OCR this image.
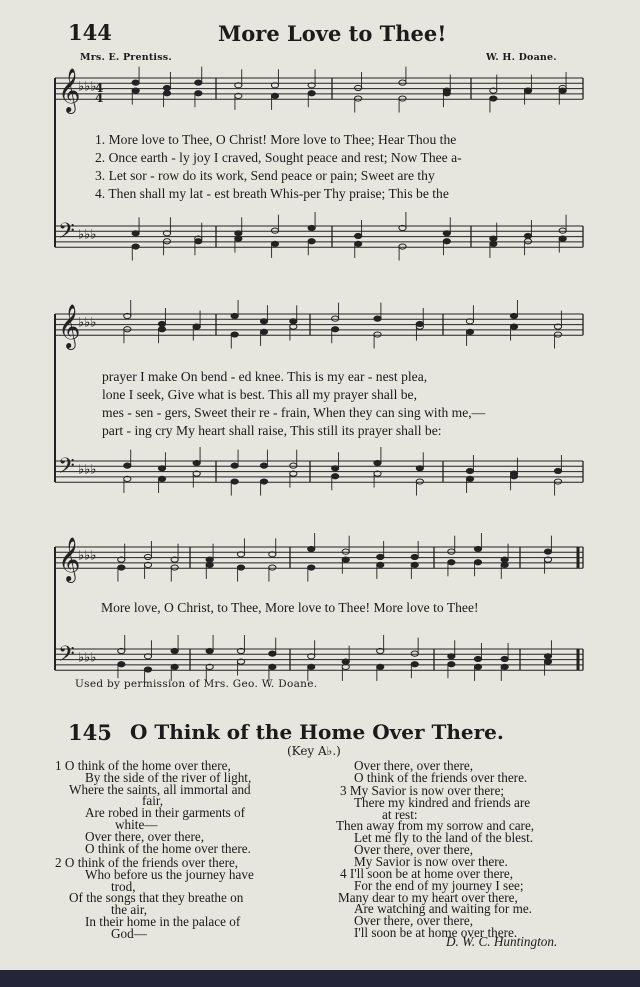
144	More Love to Thee!
Mrs. E. Prentiss.	W. H. Doane.
𝄞
♭♭♭
𝄢 ♭♭♭
4
4
𝄞
♭♭♭
𝄢 ♭♭♭
𝄞
♭♭♭
𝄢 ♭♭♭
1. More love to Thee, O Christ! More love to Thee; Hear Thou the
2. Once earth - ly joy I craved, Sought peace and rest; Now Thee a-
3. Let sor - row do its work, Send peace or pain; Sweet are thy
4. Then shall my lat - est breath Whis-per Thy praise; This be the
prayer I make On bend - ed knee. This is my ear - nest plea,
lone I seek, Give what is best. This all my prayer shall be,
mes - sen - gers, Sweet their re - frain, When they can sing with me,—
part - ing cry My heart shall raise, This still its prayer shall be:
More love, O Christ, to Thee, More love to Thee! More love to Thee!
Used by permission of Mrs. Geo. W. Doane.
145 O Think of the Home Over There.
(Key A♭.)
1 O think of the home over there,
By the side of the river of light,
Where the saints, all immortal and
fair,
Are robed in their garments of
white—
Over there, over there,
O think of the home over there.
2 O think of the friends over there,
Who before us the journey have
trod,
Of the songs that they breathe on
the air,
In their home in the palace of
God—
Over there, over there,
O think of the friends over there.
3 My Savior is now over there;
There my kindred and friends are
at rest:
Then away from my sorrow and care,
Let me fly to the land of the blest.
Over there, over there,
My Savior is now over there.
4 I'll soon be at home over there,
For the end of my journey I see;
Many dear to my heart over there,
Are watching and waiting for me.
Over there, over there,
I'll soon be at home over there.
D. W. C. Huntington.
